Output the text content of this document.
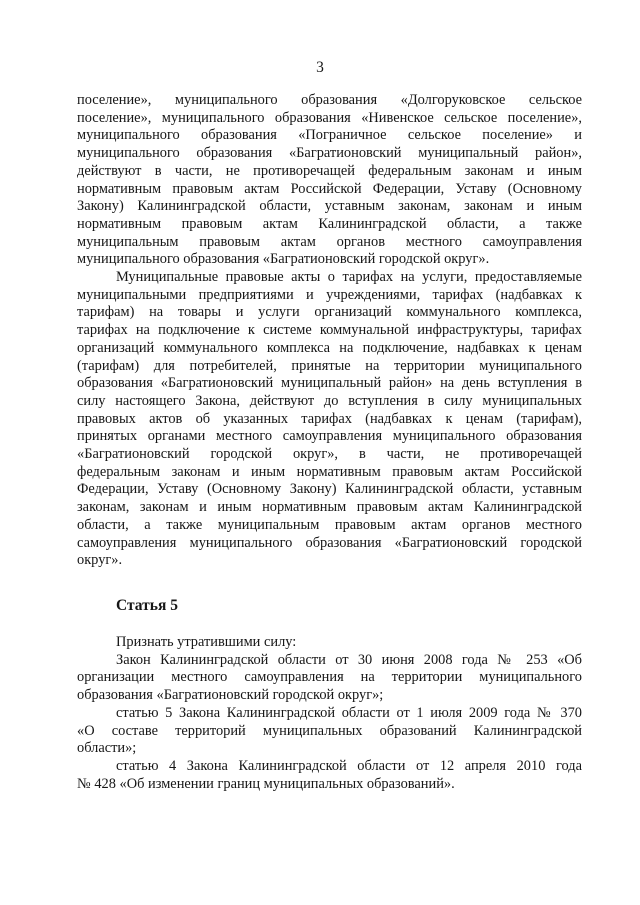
3

поселение», муниципального образования «Долгоруковское сельское

поселение», муниципального образования «Нивенское сельское поселение»,

муниципального образования «Пограничное сельское поселение» и

муниципального образования «Багратионовский муниципальный район»,

действуют в части, не противоречащей федеральным законам и иным

нормативным правовым актам Российской Федерации, Уставу (Основному

Закону) Калининградской области, уставным законам, законам и иным

нормативным правовым актам Калининградской области, а также

муниципальным правовым актам органов местного самоуправления

муниципального образования «Багратионовский городской округ».

Муниципальные правовые акты о тарифах на услуги, предоставляемые

муниципальными предприятиями и учреждениями, тарифах (надбавках к

тарифам) на товары и услуги организаций коммунального комплекса,

тарифах на подключение к системе коммунальной инфраструктуры, тарифах

организаций коммунального комплекса на подключение, надбавках к ценам

(тарифам) для потребителей, принятые на территории муниципального

образования «Багратионовский муниципальный район» на день вступления в

силу настоящего Закона, действуют до вступления в силу муниципальных

правовых актов об указанных тарифах (надбавках к ценам (тарифам),

принятых органами местного самоуправления муниципального образования

«Багратионовский городской округ», в части, не противоречащей

федеральным законам и иным нормативным правовым актам Российской

Федерации, Уставу (Основному Закону) Калининградской области, уставным

законам, законам и иным нормативным правовым актам Калининградской

области, а также муниципальным правовым актам органов местного

самоуправления муниципального образования «Багратионовский городской

округ».

Статья 5

Признать утратившими силу:

Закон Калининградской области от 30 июня 2008 года № 253 «Об

организации местного самоуправления на территории муниципального

образования «Багратионовский городской округ»;

статью 5 Закона Калининградской области от 1 июля 2009 года № 370

«О составе территорий муниципальных образований Калининградской

области»;

статью 4 Закона Калининградской области от 12 апреля 2010 года

№ 428 «Об изменении границ муниципальных образований».
